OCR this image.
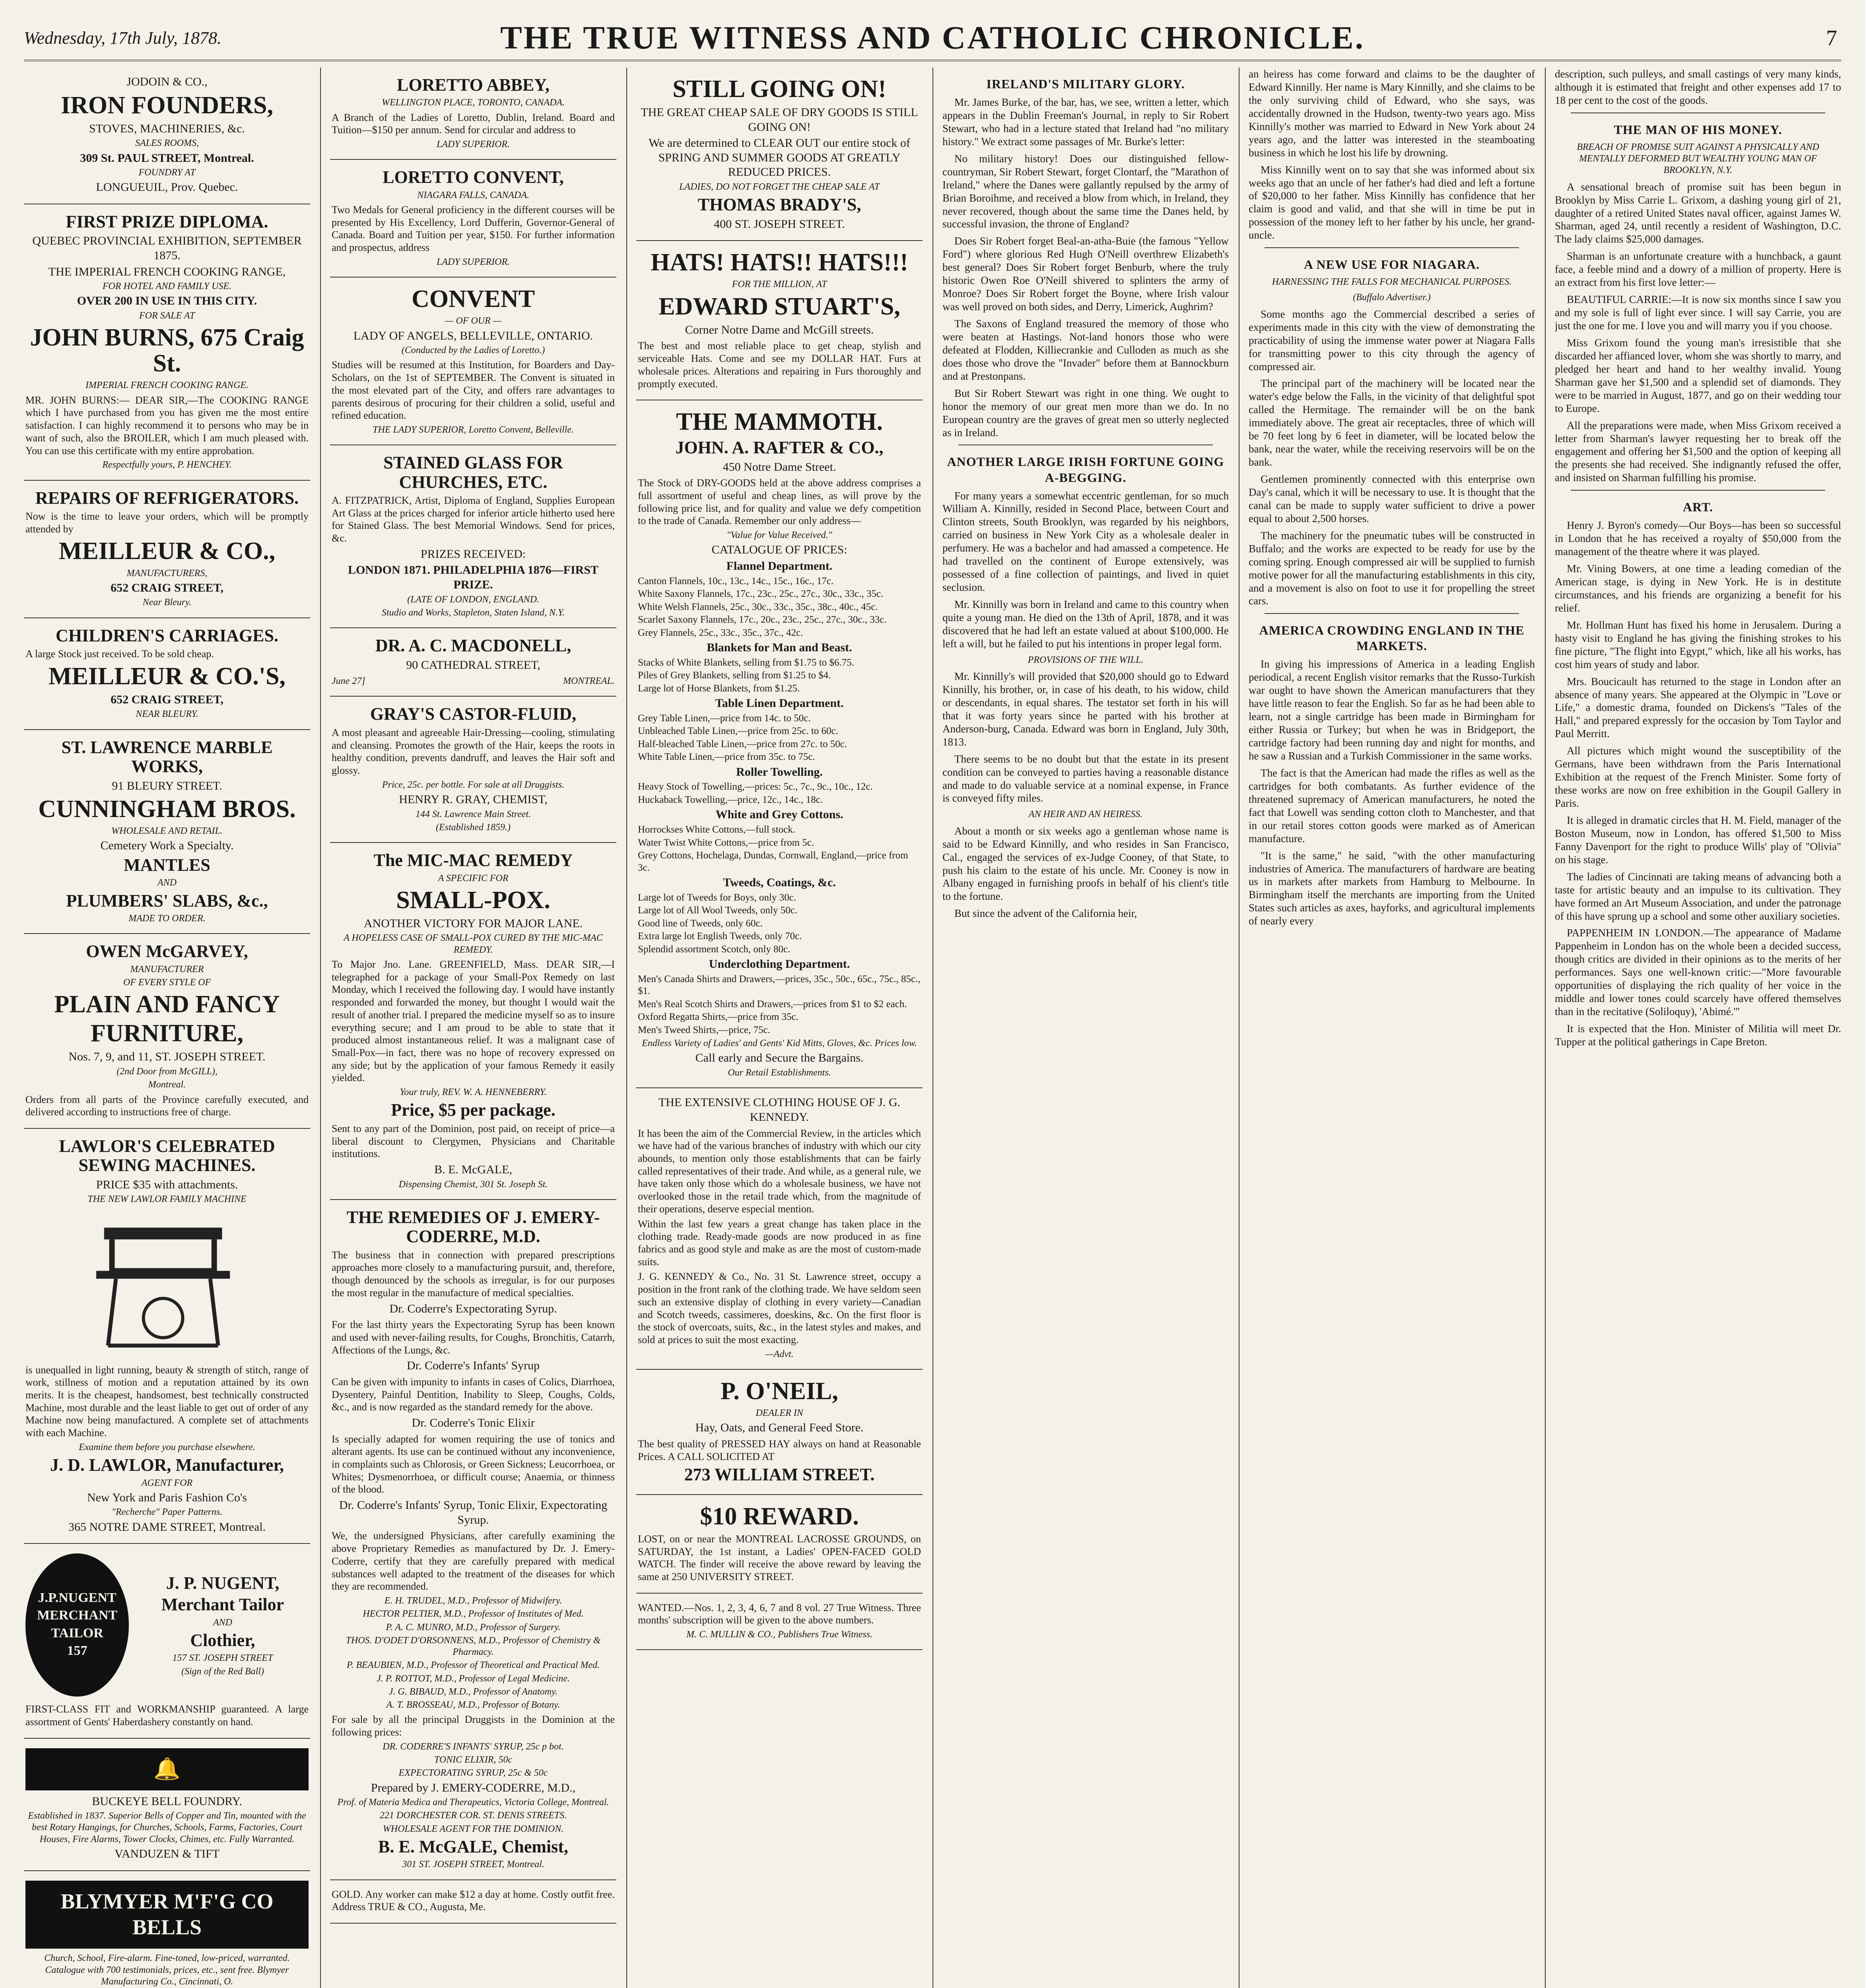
Wednesday, 17th July, 1878.	THE TRUE WITNESS AND CATHOLIC CHRONICLE.	7
JODOIN & CO.,
IRON FOUNDERS,
STOVES, MACHINERIES, &c.
SALES ROOMS,
309 St. PAUL STREET, Montreal.
FOUNDRY AT
LONGUEUIL, Prov. Quebec.
FIRST PRIZE DIPLOMA.
QUEBEC PROVINCIAL EXHIBITION, SEPTEMBER 1875.
THE IMPERIAL FRENCH COOKING RANGE,
FOR HOTEL AND FAMILY USE.
OVER 200 IN USE IN THIS CITY.
FOR SALE AT
JOHN BURNS, 675 Craig St.
IMPERIAL FRENCH COOKING RANGE.
MR. JOHN BURNS:— DEAR SIR,—The COOKING RANGE which I have purchased from you has given me the most entire satisfaction. I can highly recommend it to persons who may be in want of such, also the BROILER, which I am much pleased with. You can use this certificate with my entire approbation.
Respectfully yours, P. HENCHEY.
REPAIRS OF REFRIGERATORS.
Now is the time to leave your orders, which will be promptly attended by
MEILLEUR & CO.,
MANUFACTURERS,
652 CRAIG STREET,
Near Bleury.
CHILDREN'S CARRIAGES.
A large Stock just received. To be sold cheap.
MEILLEUR & CO.'S,
652 CRAIG STREET,
NEAR BLEURY.
ST. LAWRENCE MARBLE WORKS,
91 BLEURY STREET.
CUNNINGHAM BROS.
WHOLESALE AND RETAIL.
Cemetery Work a Specialty.
MANTLES
AND
PLUMBERS' SLABS, &c.,
MADE TO ORDER.
OWEN McGARVEY,
MANUFACTURER
OF EVERY STYLE OF
PLAIN AND FANCY
FURNITURE,
Nos. 7, 9, and 11, ST. JOSEPH STREET.
(2nd Door from McGILL),
Montreal.
Orders from all parts of the Province carefully executed, and delivered according to instructions free of charge.
LAWLOR'S CELEBRATED SEWING MACHINES.
PRICE $35 with attachments.
THE NEW LAWLOR FAMILY MACHINE
is unequalled in light running, beauty & strength of stitch, range of work, stillness of motion and a reputation attained by its own merits. It is the cheapest, handsomest, best technically constructed Machine, most durable and the least liable to get out of order of any Machine now being manufactured. A complete set of attachments with each Machine.
Examine them before you purchase elsewhere.
J. D. LAWLOR, Manufacturer,
AGENT FOR
New York and Paris Fashion Co's
"Recherche" Paper Patterns.
365 NOTRE DAME STREET, Montreal.
J.P.NUGENT
MERCHANT
TAILOR
157
J. P. NUGENT,
Merchant Tailor
AND
Clothier,
157 ST. JOSEPH STREET
(Sign of the Red Ball)
FIRST-CLASS FIT and WORKMANSHIP guaranteed. A large assortment of Gents' Haberdashery constantly on hand.
🔔
BUCKEYE BELL FOUNDRY.
Established in 1837. Superior Bells of Copper and Tin, mounted with the best Rotary Hangings, for Churches, Schools, Farms, Factories, Court Houses, Fire Alarms, Tower Clocks, Chimes, etc. Fully Warranted.
VANDUZEN & TIFT
BLYMYER M'F'G CO BELLS
Church, School, Fire-alarm. Fine-toned, low-priced, warranted. Catalogue with 700 testimonials, prices, etc., sent free. Blymyer Manufacturing Co., Cincinnati, O.
LORETTO ABBEY,
WELLINGTON PLACE, TORONTO, CANADA.
A Branch of the Ladies of Loretto, Dublin, Ireland. Board and Tuition—$150 per annum. Send for circular and address to
LADY SUPERIOR.
LORETTO CONVENT,
NIAGARA FALLS, CANADA.
Two Medals for General proficiency in the different courses will be presented by His Excellency, Lord Dufferin, Governor-General of Canada. Board and Tuition per year, $150. For further information and prospectus, address
LADY SUPERIOR.
CONVENT
— OF OUR —
LADY OF ANGELS, BELLEVILLE, ONTARIO.
(Conducted by the Ladies of Loretto.)
Studies will be resumed at this Institution, for Boarders and Day-Scholars, on the 1st of SEPTEMBER. The Convent is situated in the most elevated part of the City, and offers rare advantages to parents desirous of procuring for their children a solid, useful and refined education.
THE LADY SUPERIOR, Loretto Convent, Belleville.
STAINED GLASS FOR CHURCHES, ETC.
A. FITZPATRICK, Artist, Diploma of England, Supplies European Art Glass at the prices charged for inferior article hitherto used here for Stained Glass. The best Memorial Windows. Send for prices, &c.
PRIZES RECEIVED:
LONDON 1871. PHILADELPHIA 1876—FIRST PRIZE.
(LATE OF LONDON, ENGLAND.
Studio and Works, Stapleton, Staten Island, N.Y.
DR. A. C. MACDONELL,
90 CATHEDRAL STREET,
June 27]	MONTREAL.
GRAY'S CASTOR-FLUID,
A most pleasant and agreeable Hair-Dressing—cooling, stimulating and cleansing. Promotes the growth of the Hair, keeps the roots in healthy condition, prevents dandruff, and leaves the Hair soft and glossy.
Price, 25c. per bottle. For sale at all Druggists.
HENRY R. GRAY, CHEMIST,
144 St. Lawrence Main Street.
(Established 1859.)
The MIC-MAC REMEDY
A SPECIFIC FOR
SMALL-POX.
ANOTHER VICTORY FOR MAJOR LANE.
A HOPELESS CASE OF SMALL-POX CURED BY THE MIC-MAC REMEDY.
To Major Jno. Lane. GREENFIELD, Mass. DEAR SIR,—I telegraphed for a package of your Small-Pox Remedy on last Monday, which I received the following day. I would have instantly responded and forwarded the money, but thought I would wait the result of another trial. I prepared the medicine myself so as to insure everything secure; and I am proud to be able to state that it produced almost instantaneous relief. It was a malignant case of Small-Pox—in fact, there was no hope of recovery expressed on any side; but by the application of your famous Remedy it easily yielded.
Your truly, REV. W. A. HENNEBERRY.
Price, $5 per package.
Sent to any part of the Dominion, post paid, on receipt of price—a liberal discount to Clergymen, Physicians and Charitable institutions.
B. E. McGALE,
Dispensing Chemist, 301 St. Joseph St.
THE REMEDIES OF J. EMERY-CODERRE, M.D.
The business that in connection with prepared prescriptions approaches more closely to a manufacturing pursuit, and, therefore, though denounced by the schools as irregular, is for our purposes the most regular in the manufacture of medical specialties.
Dr. Coderre's Expectorating Syrup.
For the last thirty years the Expectorating Syrup has been known and used with never-failing results, for Coughs, Bronchitis, Catarrh, Affections of the Lungs, &c.
Dr. Coderre's Infants' Syrup
Can be given with impunity to infants in cases of Colics, Diarrhoea, Dysentery, Painful Dentition, Inability to Sleep, Coughs, Colds, &c., and is now regarded as the standard remedy for the above.
Dr. Coderre's Tonic Elixir
Is specially adapted for women requiring the use of tonics and alterant agents. Its use can be continued without any inconvenience, in complaints such as Chlorosis, or Green Sickness; Leucorrhoea, or Whites; Dysmenorrhoea, or difficult course; Anaemia, or thinness of the blood.
Dr. Coderre's Infants' Syrup, Tonic Elixir, Expectorating Syrup.
We, the undersigned Physicians, after carefully examining the above Proprietary Remedies as manufactured by Dr. J. Emery-Coderre, certify that they are carefully prepared with medical substances well adapted to the treatment of the diseases for which they are recommended.
E. H. TRUDEL, M.D., Professor of Midwifery.
HECTOR PELTIER, M.D., Professor of Institutes of Med.
P. A. C. MUNRO, M.D., Professor of Surgery.
THOS. D'ODET D'ORSONNENS, M.D., Professor of Chemistry & Pharmacy.
P. BEAUBIEN, M.D., Professor of Theoretical and Practical Med.
J. P. ROTTOT, M.D., Professor of Legal Medicine.
J. G. BIBAUD, M.D., Professor of Anatomy.
A. T. BROSSEAU, M.D., Professor of Botany.
For sale by all the principal Druggists in the Dominion at the following prices:
DR. CODERRE'S INFANTS' SYRUP, 25c p bot.
TONIC ELIXIR, 50c
EXPECTORATING SYRUP, 25c & 50c
Prepared by J. EMERY-CODERRE, M.D.,
Prof. of Materia Medica and Therapeutics, Victoria College, Montreal.
221 DORCHESTER COR. ST. DENIS STREETS.
WHOLESALE AGENT FOR THE DOMINION.
B. E. McGALE, Chemist,
301 ST. JOSEPH STREET, Montreal.
GOLD. Any worker can make $12 a day at home. Costly outfit free. Address TRUE & CO., Augusta, Me.
STILL GOING ON!
THE GREAT CHEAP SALE OF DRY GOODS IS STILL GOING ON!
We are determined to CLEAR OUT our entire stock of SPRING AND SUMMER GOODS AT GREATLY REDUCED PRICES.
LADIES, DO NOT FORGET THE CHEAP SALE AT
THOMAS BRADY'S,
400 ST. JOSEPH STREET.
HATS! HATS!! HATS!!!
FOR THE MILLION, AT
EDWARD STUART'S,
Corner Notre Dame and McGill streets.
The best and most reliable place to get cheap, stylish and serviceable Hats. Come and see my DOLLAR HAT. Furs at wholesale prices. Alterations and repairing in Furs thoroughly and promptly executed.
THE MAMMOTH.
JOHN. A. RAFTER & CO.,
450 Notre Dame Street.
The Stock of DRY-GOODS held at the above address comprises a full assortment of useful and cheap lines, as will prove by the following price list, and for quality and value we defy competition to the trade of Canada. Remember our only address—
"Value for Value Received."
CATALOGUE OF PRICES:
Flannel Department.
Canton Flannels, 10c., 13c., 14c., 15c., 16c., 17c.
White Saxony Flannels, 17c., 23c., 25c., 27c., 30c., 33c., 35c.
White Welsh Flannels, 25c., 30c., 33c., 35c., 38c., 40c., 45c.
Scarlet Saxony Flannels, 17c., 20c., 23c., 25c., 27c., 30c., 33c.
Grey Flannels, 25c., 33c., 35c., 37c., 42c.
Blankets for Man and Beast.
Stacks of White Blankets, selling from $1.75 to $6.75.
Piles of Grey Blankets, selling from $1.25 to $4.
Large lot of Horse Blankets, from $1.25.
Table Linen Department.
Grey Table Linen,—price from 14c. to 50c.
Unbleached Table Linen,—price from 25c. to 60c.
Half-bleached Table Linen,—price from 27c. to 50c.
White Table Linen,—price from 35c. to 75c.
Roller Towelling.
Heavy Stock of Towelling,—prices: 5c., 7c., 9c., 10c., 12c.
Huckaback Towelling,—price, 12c., 14c., 18c.
White and Grey Cottons.
Horrockses White Cottons,—full stock.
Water Twist White Cottons,—price from 5c.
Grey Cottons, Hochelaga, Dundas, Cornwall, England,—price from 3c.
Tweeds, Coatings, &c.
Large lot of Tweeds for Boys, only 30c.
Large lot of All Wool Tweeds, only 50c.
Good line of Tweeds, only 60c.
Extra large lot English Tweeds, only 70c.
Splendid assortment Scotch, only 80c.
Underclothing Department.
Men's Canada Shirts and Drawers,—prices, 35c., 50c., 65c., 75c., 85c., $1.
Men's Real Scotch Shirts and Drawers,—prices from $1 to $2 each.
Oxford Regatta Shirts,—price from 35c.
Men's Tweed Shirts,—price, 75c.
Endless Variety of Ladies' and Gents' Kid Mitts, Gloves, &c. Prices low.
Call early and Secure the Bargains.
Our Retail Establishments.
THE EXTENSIVE CLOTHING HOUSE OF J. G. KENNEDY.
It has been the aim of the Commercial Review, in the articles which we have had of the various branches of industry with which our city abounds, to mention only those establishments that can be fairly called representatives of their trade. And while, as a general rule, we have taken only those which do a wholesale business, we have not overlooked those in the retail trade which, from the magnitude of their operations, deserve especial mention.
Within the last few years a great change has taken place in the clothing trade. Ready-made goods are now produced in as fine fabrics and as good style and make as are the most of custom-made suits.
J. G. KENNEDY & Co., No. 31 St. Lawrence street, occupy a position in the front rank of the clothing trade. We have seldom seen such an extensive display of clothing in every variety—Canadian and Scotch tweeds, cassimeres, doeskins, &c. On the first floor is the stock of overcoats, suits, &c., in the latest styles and makes, and sold at prices to suit the most exacting.
—Advt.
P. O'NEIL,
DEALER IN
Hay, Oats, and General Feed Store.
The best quality of PRESSED HAY always on hand at Reasonable Prices. A CALL SOLICITED AT
273 WILLIAM STREET.
$10 REWARD.
LOST, on or near the MONTREAL LACROSSE GROUNDS, on SATURDAY, the 1st instant, a Ladies' OPEN-FACED GOLD WATCH. The finder will receive the above reward by leaving the same at 250 UNIVERSITY STREET.
WANTED.—Nos. 1, 2, 3, 4, 6, 7 and 8 vol. 27 True Witness. Three months' subscription will be given to the above numbers.
M. C. MULLIN & CO., Publishers True Witness.
IRELAND'S MILITARY GLORY.

Mr. James Burke, of the bar, has, we see, written a letter, which appears in the Dublin Freeman's Journal, in reply to Sir Robert Stewart, who had in a lecture stated that Ireland had "no military history." We extract some passages of Mr. Burke's letter:

No military history! Does our distinguished fellow-countryman, Sir Robert Stewart, forget Clontarf, the "Marathon of Ireland," where the Danes were gallantly repulsed by the army of Brian Boroihme, and received a blow from which, in Ireland, they never recovered, though about the same time the Danes held, by successful invasion, the throne of England?

Does Sir Robert forget Beal-an-atha-Buie (the famous "Yellow Ford") where glorious Red Hugh O'Neill overthrew Elizabeth's best general? Does Sir Robert forget Benburb, where the truly historic Owen Roe O'Neill shivered to splinters the army of Monroe? Does Sir Robert forget the Boyne, where Irish valour was well proved on both sides, and Derry, Limerick, Aughrim?

The Saxons of England treasured the memory of those who were beaten at Hastings. Not-land honors those who were defeated at Flodden, Killiecrankie and Culloden as much as she does those who drove the "Invader" before them at Bannockburn and at Prestonpans.

But Sir Robert Stewart was right in one thing. We ought to honor the memory of our great men more than we do. In no European country are the graves of great men so utterly neglected as in Ireland.

ANOTHER LARGE IRISH FORTUNE GOING A-BEGGING.

For many years a somewhat eccentric gentleman, for so much William A. Kinnilly, resided in Second Place, between Court and Clinton streets, South Brooklyn, was regarded by his neighbors, carried on business in New York City as a wholesale dealer in perfumery. He was a bachelor and had amassed a competence. He had travelled on the continent of Europe extensively, was possessed of a fine collection of paintings, and lived in quiet seclusion.

Mr. Kinnilly was born in Ireland and came to this country when quite a young man. He died on the 13th of April, 1878, and it was discovered that he had left an estate valued at about $100,000. He left a will, but he failed to put his intentions in proper legal form.

PROVISIONS OF THE WILL.

Mr. Kinnilly's will provided that $20,000 should go to Edward Kinnilly, his brother, or, in case of his death, to his widow, child or descendants, in equal shares. The testator set forth in his will that it was forty years since he parted with his brother at Anderson-burg, Canada. Edward was born in England, July 30th, 1813.

There seems to be no doubt but that the estate in its present condition can be conveyed to parties having a reasonable distance and made to do valuable service at a nominal expense, in France is conveyed fifty miles.

AN HEIR AND AN HEIRESS.

About a month or six weeks ago a gentleman whose name is said to be Edward Kinnilly, and who resides in San Francisco, Cal., engaged the services of ex-Judge Cooney, of that State, to push his claim to the estate of his uncle. Mr. Cooney is now in Albany engaged in furnishing proofs in behalf of his client's title to the fortune.

But since the advent of the California heir,

an heiress has come forward and claims to be the daughter of Edward Kinnilly. Her name is Mary Kinnilly, and she claims to be the only surviving child of Edward, who she says, was accidentally drowned in the Hudson, twenty-two years ago. Miss Kinnilly's mother was married to Edward in New York about 24 years ago, and the latter was interested in the steamboating business in which he lost his life by drowning.

Miss Kinnilly went on to say that she was informed about six weeks ago that an uncle of her father's had died and left a fortune of $20,000 to her father. Miss Kinnilly has confidence that her claim is good and valid, and that she will in time be put in possession of the money left to her father by his uncle, her grand-uncle.

A NEW USE FOR NIAGARA.
HARNESSING THE FALLS FOR MECHANICAL PURPOSES.
(Buffalo Advertiser.)

Some months ago the Commercial described a series of experiments made in this city with the view of demonstrating the practicability of using the immense water power at Niagara Falls for transmitting power to this city through the agency of compressed air.

The principal part of the machinery will be located near the water's edge below the Falls, in the vicinity of that delightful spot called the Hermitage. The remainder will be on the bank immediately above. The great air receptacles, three of which will be 70 feet long by 6 feet in diameter, will be located below the bank, near the water, while the receiving reservoirs will be on the bank.

Gentlemen prominently connected with this enterprise own Day's canal, which it will be necessary to use. It is thought that the canal can be made to supply water sufficient to drive a power equal to about 2,500 horses.

The machinery for the pneumatic tubes will be constructed in Buffalo; and the works are expected to be ready for use by the coming spring. Enough compressed air will be supplied to furnish motive power for all the manufacturing establishments in this city, and a movement is also on foot to use it for propelling the street cars.

AMERICA CROWDING ENGLAND IN THE MARKETS.

In giving his impressions of America in a leading English periodical, a recent English visitor remarks that the Russo-Turkish war ought to have shown the American manufacturers that they have little reason to fear the English. So far as he had been able to learn, not a single cartridge has been made in Birmingham for either Russia or Turkey; but when he was in Bridgeport, the cartridge factory had been running day and night for months, and he saw a Russian and a Turkish Commissioner in the same works.

The fact is that the American had made the rifles as well as the cartridges for both combatants. As further evidence of the threatened supremacy of American manufacturers, he noted the fact that Lowell was sending cotton cloth to Manchester, and that in our retail stores cotton goods were marked as of American manufacture.

"It is the same," he said, "with the other manufacturing industries of America. The manufacturers of hardware are beating us in markets after markets from Hamburg to Melbourne. In Birmingham itself the merchants are importing from the United States such articles as axes, hayforks, and agricultural implements of nearly every

description, such pulleys, and small castings of very many kinds, although it is estimated that freight and other expenses add 17 to 18 per cent to the cost of the goods.

THE MAN OF HIS MONEY.
BREACH OF PROMISE SUIT AGAINST A PHYSICALLY AND MENTALLY DEFORMED BUT WEALTHY YOUNG MAN OF BROOKLYN, N.Y.

A sensational breach of promise suit has been begun in Brooklyn by Miss Carrie L. Grixom, a dashing young girl of 21, daughter of a retired United States naval officer, against James W. Sharman, aged 24, until recently a resident of Washington, D.C. The lady claims $25,000 damages.

Sharman is an unfortunate creature with a hunchback, a gaunt face, a feeble mind and a dowry of a million of property. Here is an extract from his first love letter:—

BEAUTIFUL CARRIE:—It is now six months since I saw you and my sole is full of light ever since. I will say Carrie, you are just the one for me. I love you and will marry you if you choose.

Miss Grixom found the young man's irresistible that she discarded her affianced lover, whom she was shortly to marry, and pledged her heart and hand to her wealthy invalid. Young Sharman gave her $1,500 and a splendid set of diamonds. They were to be married in August, 1877, and go on their wedding tour to Europe.

All the preparations were made, when Miss Grixom received a letter from Sharman's lawyer requesting her to break off the engagement and offering her $1,500 and the option of keeping all the presents she had received. She indignantly refused the offer, and insisted on Sharman fulfilling his promise.

ART.

Henry J. Byron's comedy—Our Boys—has been so successful in London that he has received a royalty of $50,000 from the management of the theatre where it was played.

Mr. Vining Bowers, at one time a leading comedian of the American stage, is dying in New York. He is in destitute circumstances, and his friends are organizing a benefit for his relief.

Mr. Hollman Hunt has fixed his home in Jerusalem. During a hasty visit to England he has giving the finishing strokes to his fine picture, "The flight into Egypt," which, like all his works, has cost him years of study and labor.

Mrs. Boucicault has returned to the stage in London after an absence of many years. She appeared at the Olympic in "Love or Life," a domestic drama, founded on Dickens's "Tales of the Hall," and prepared expressly for the occasion by Tom Taylor and Paul Merritt.

All pictures which might wound the susceptibility of the Germans, have been withdrawn from the Paris International Exhibition at the request of the French Minister. Some forty of these works are now on free exhibition in the Goupil Gallery in Paris.

It is alleged in dramatic circles that H. M. Field, manager of the Boston Museum, now in London, has offered $1,500 to Miss Fanny Davenport for the right to produce Wills' play of "Olivia" on his stage.

The ladies of Cincinnati are taking means of advancing both a taste for artistic beauty and an impulse to its cultivation. They have formed an Art Museum Association, and under the patronage of this have sprung up a school and some other auxiliary societies.

PAPPENHEIM IN LONDON.—The appearance of Madame Pappenheim in London has on the whole been a decided success, though critics are divided in their opinions as to the merits of her performances. Says one well-known critic:—"More favourable opportunities of displaying the rich quality of her voice in the middle and lower tones could scarcely have offered themselves than in the recitative (Soliloquy), 'Abimé.'"

It is expected that the Hon. Minister of Militia will meet Dr. Tupper at the political gatherings in Cape Breton.
